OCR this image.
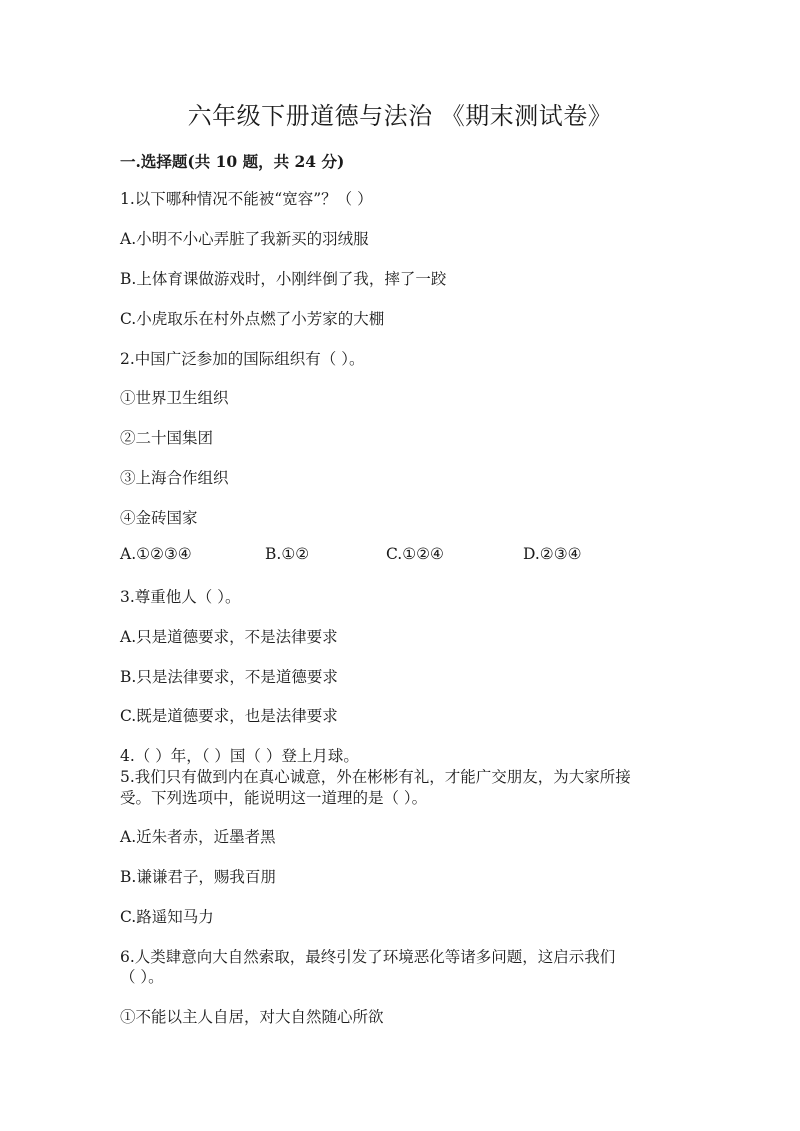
六年级下册道德与法治 《期末测试卷》
一.选择题(共 10 题，共 24 分)
1.以下哪种情况不能被“宽容”？（ ）
A.小明不小心弄脏了我新买的羽绒服
B.上体育课做游戏时，小刚绊倒了我，摔了一跤
C.小虎取乐在村外点燃了小芳家的大棚
2.中国广泛参加的国际组织有（ ）。
①世界卫生组织
②二十国集团
③上海合作组织
④金砖国家
A.①②③④	B.①②	C.①②④	D.②③④
3.尊重他人（ ）。
A.只是道德要求，不是法律要求
B.只是法律要求，不是道德要求
C.既是道德要求，也是法律要求
4.（ ）年，（ ）国（ ）登上月球。
5.我们只有做到内在真心诚意，外在彬彬有礼，才能广交朋友，为大家所接
受。下列选项中，能说明这一道理的是（ ）。
A.近朱者赤，近墨者黑
B.谦谦君子，赐我百朋
C.路遥知马力
6.人类肆意向大自然索取，最终引发了环境恶化等诸多问题，这启示我们
（ ）。
①不能以主人自居，对大自然随心所欲
